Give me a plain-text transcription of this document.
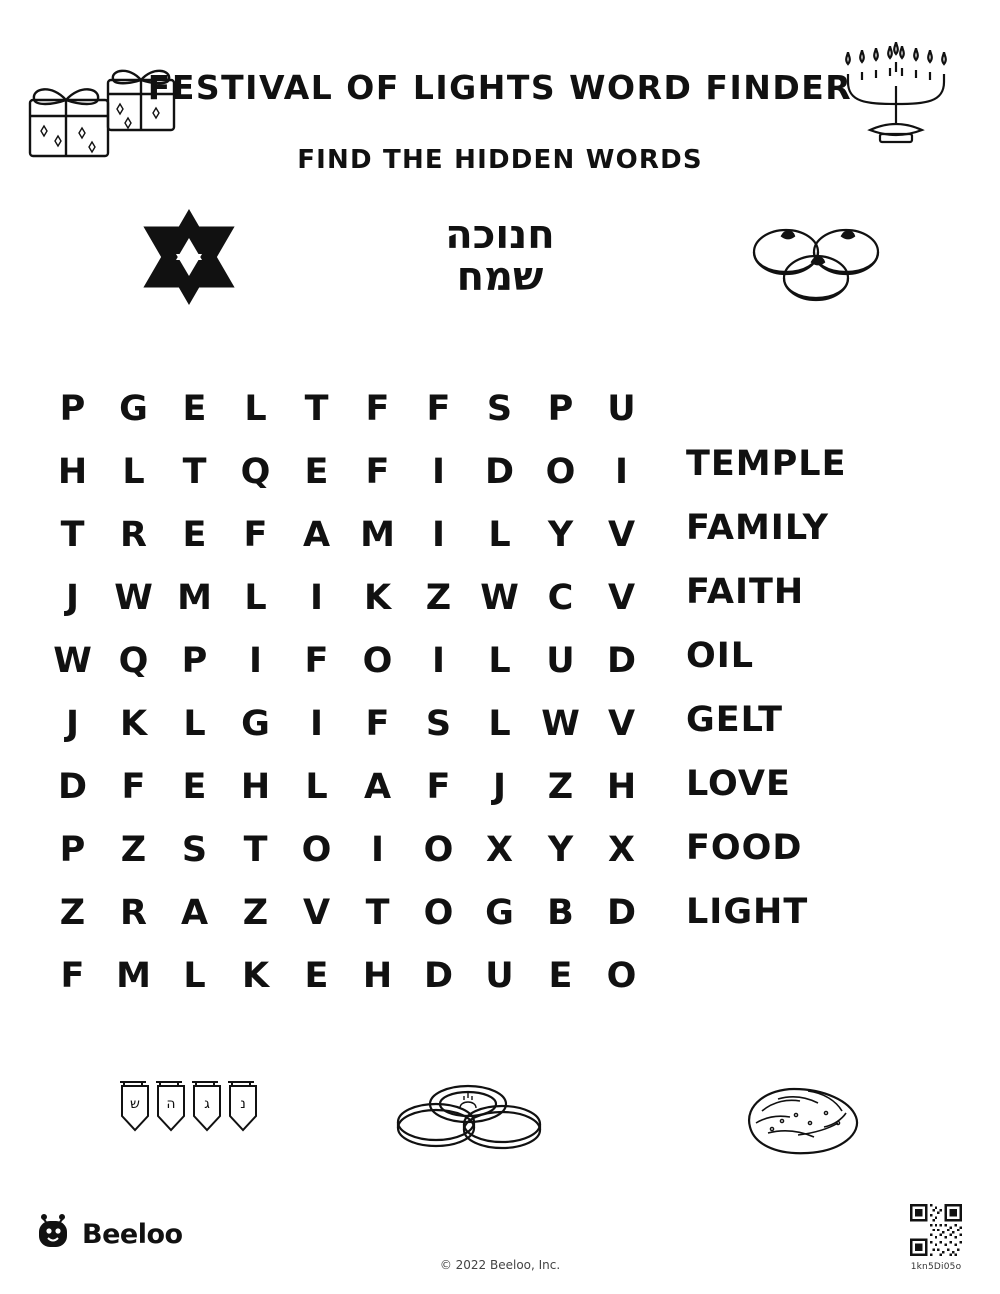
FESTIVAL OF LIGHTS WORD FINDER
FIND THE HIDDEN WORDS
חנוכה
שמח
P G E	L	T	F	F	S	P U
H	L	T Q E	F	I	D O	I
T	R	E	F	A M	I	L	Y V
J	W M L	I	K Z W C V
W Q P	I	F O	I	L	U D
J	K	L	G	I	F	S	L W V
D F	E H	L	A	F	J	Z H
P	Z	S	T O	I	O X Y X
Z R A Z V	T O G B D
F M L	K	E H D U E O
TEMPLE
FAMILY
FAITH
OIL
GELT
LOVE
FOOD
LIGHT
ש ה ג נ
Beeloo
© 2022 Beeloo, Inc.	1kn5Di05o
